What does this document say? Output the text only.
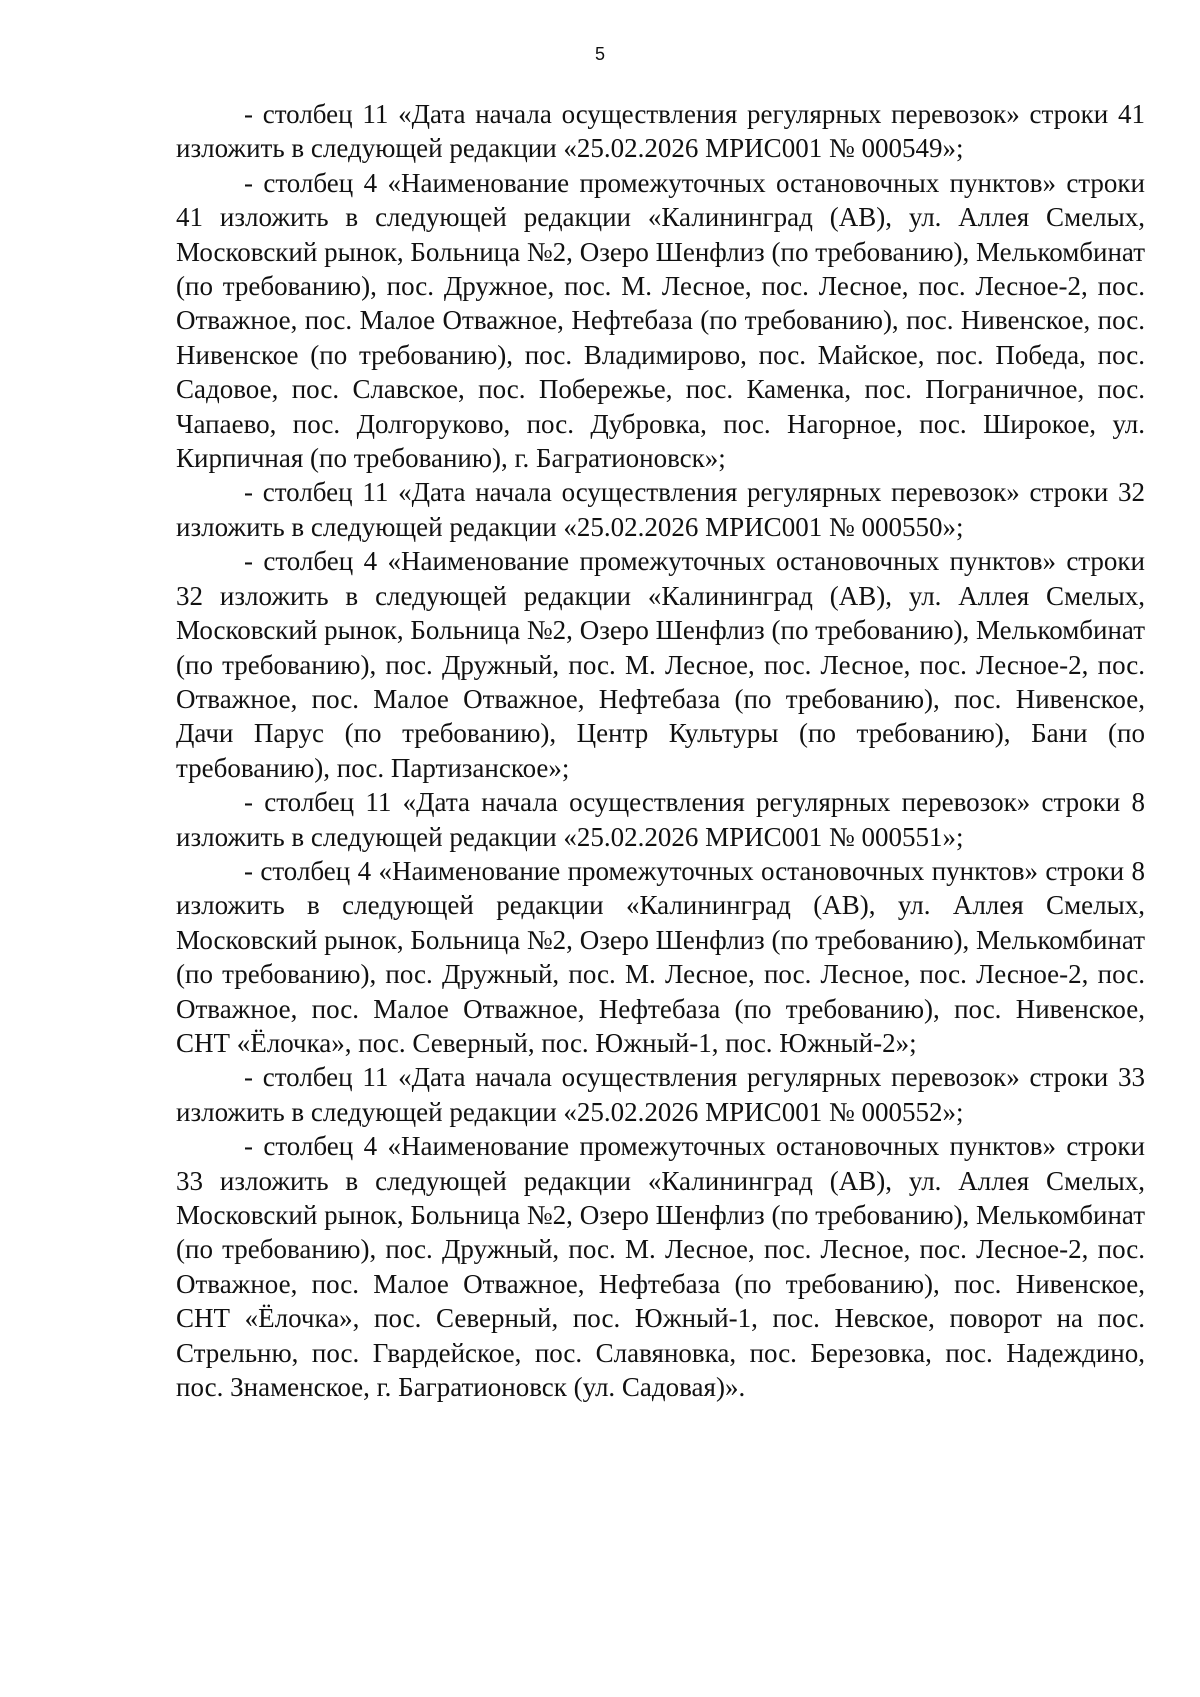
5

- столбец 11 «Дата начала осуществления регулярных перевозок» строки 41 изложить в следующей редакции «25.02.2026 МРИС001 № 000549»;

- столбец 4 «Наименование промежуточных остановочных пунктов» строки 41 изложить в следующей редакции «Калининград (АВ), ул. Аллея Смелых, Московский рынок, Больница №2, Озеро Шенфлиз (по требованию), Мелькомбинат (по требованию), пос. Дружное, пос. М. Лесное, пос. Лесное, пос. Лесное-2, пос. Отважное, пос. Малое Отважное, Нефтебаза (по требованию), пос. Нивенское, пос. Нивенское (по требованию), пос. Владимирово, пос. Майское, пос. Победа, пос. Садовое, пос. Славское, пос. Побережье, пос. Каменка, пос. Пограничное, пос. Чапаево, пос. Долгоруково, пос. Дубровка, пос. Нагорное, пос. Широкое, ул. Кирпичная (по требованию), г. Багратионовск»;

- столбец 11 «Дата начала осуществления регулярных перевозок» строки 32 изложить в следующей редакции «25.02.2026 МРИС001 № 000550»;

- столбец 4 «Наименование промежуточных остановочных пунктов» строки 32 изложить в следующей редакции «Калининград (АВ), ул. Аллея Смелых, Московский рынок, Больница №2, Озеро Шенфлиз (по требованию), Мелькомбинат (по требованию), пос. Дружный, пос. М. Лесное, пос. Лесное, пос. Лесное-2, пос. Отважное, пос. Малое Отважное, Нефтебаза (по требованию), пос. Нивенское, Дачи Парус (по требованию), Центр Культуры (по требованию), Бани (по требованию), пос. Партизанское»;

- столбец 11 «Дата начала осуществления регулярных перевозок» строки 8 изложить в следующей редакции «25.02.2026 МРИС001 № 000551»;

- столбец 4 «Наименование промежуточных остановочных пунктов» строки 8 изложить в следующей редакции «Калининград (АВ), ул. Аллея Смелых, Московский рынок, Больница №2, Озеро Шенфлиз (по требованию), Мелькомбинат (по требованию), пос. Дружный, пос. М. Лесное, пос. Лесное, пос. Лесное-2, пос. Отважное, пос. Малое Отважное, Нефтебаза (по требованию), пос. Нивенское, СНТ «Ёлочка», пос. Северный, пос. Южный-1, пос. Южный-2»;

- столбец 11 «Дата начала осуществления регулярных перевозок» строки 33 изложить в следующей редакции «25.02.2026 МРИС001 № 000552»;

- столбец 4 «Наименование промежуточных остановочных пунктов» строки 33 изложить в следующей редакции «Калининград (АВ), ул. Аллея Смелых, Московский рынок, Больница №2, Озеро Шенфлиз (по требованию), Мелькомбинат (по требованию), пос. Дружный, пос. М. Лесное, пос. Лесное, пос. Лесное-2, пос. Отважное, пос. Малое Отважное, Нефтебаза (по требованию), пос. Нивенское, СНТ «Ёлочка», пос. Северный, пос. Южный-1, пос. Невское, поворот на пос. Стрельню, пос. Гвардейское, пос. Славяновка, пос. Березовка, пос. Надеждино, пос. Знаменское, г. Багратионовск (ул. Садовая)».
